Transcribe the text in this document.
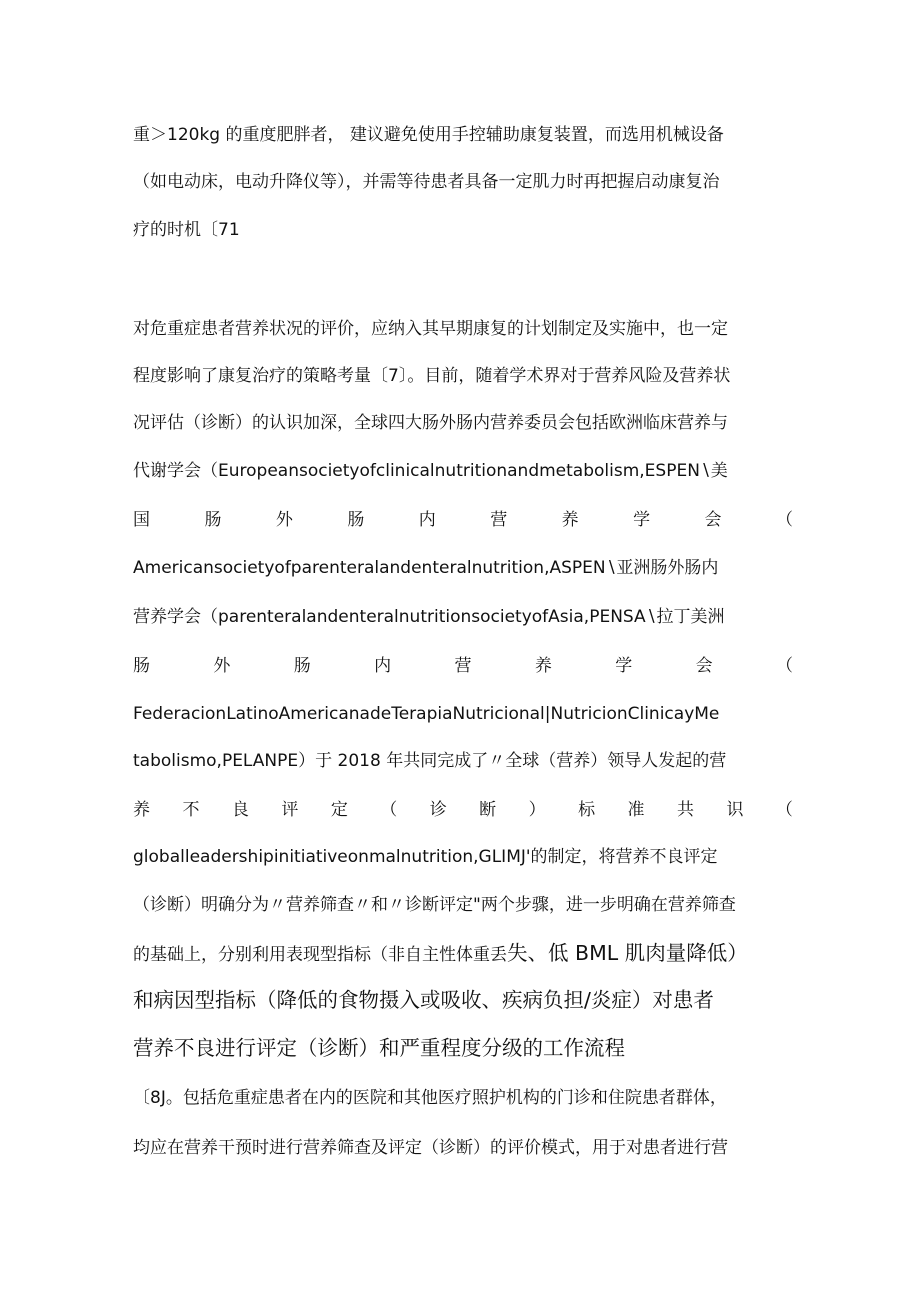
重＞120kg 的重度肥胖者， 建议避免使用手控辅助康复装置，而选用机械设备
（如电动床，电动升降仪等），并需等待患者具备一定肌力时再把握启动康复治
疗的时机〔71
对危重症患者营养状况的评价，应纳入其早期康复的计划制定及实施中，也一定
程度影响了康复治疗的策略考量〔7〕。目前，随着学术界对于营养风险及营养状
况评估（诊断）的认识加深，全球四大肠外肠内营养委员会包括欧洲临床营养与
代谢学会（Europeansocietyofclinicalnutritionandmetabolism,ESPEN∖美
国	肠	外	肠	内	营	养	学	会	（
Americansocietyofparenteralandenteralnutrition,ASPEN∖亚洲肠外肠内
营养学会（parenteralandenteralnutritionsocietyofAsia,PENSA∖拉丁美洲
肠	外	肠	内	营	养	学	会	（
FederacionLatinoAmericanadeTerapiaNutricional|NutricionClinicayMe
tabolismo,PELANPE）于 2018 年共同完成了〃全球（营养）领导人发起的营
养 不 良 评 定 （ 诊 断 ） 标 准 共 识 （
globalleadershipinitiativeonmalnutrition,GLIMJ'的制定，将营养不良评定
（诊断）明确分为〃营养筛查〃和〃诊断评定"两个步骤，进一步明确在营养筛查
的基础上，分别利用表现型指标（非自主性体重丢失、低 BML 肌肉量降低）
和病因型指标（降低的食物摄入或吸收、疾病负担/炎症）对患者
营养不良进行评定（诊断）和严重程度分级的工作流程
〔8J。包括危重症患者在内的医院和其他医疗照护机构的门诊和住院患者群体，
均应在营养干预时进行营养筛查及评定（诊断）的评价模式，用于对患者进行营
